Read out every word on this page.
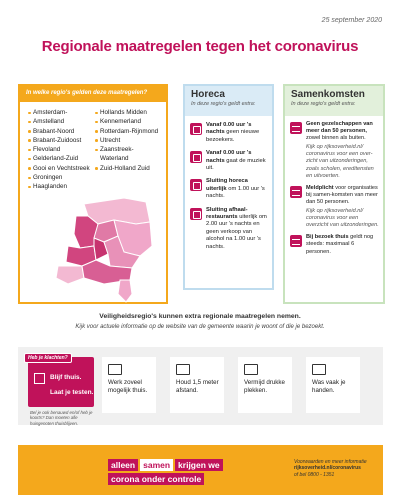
25 september 2020
Regionale maatregelen tegen het coronavirus
In welke regio's gelden deze maatregelen?
Amsterdam-
Amstelland
Brabant-Noord
Brabant-Zuidoost
Flevoland
Gelderland-Zuid
Gooi en Vechtstreek
Groningen
Haaglanden
Hollands Midden
Kennemerland
Rotterdam-Rijnmond
Utrecht
Zaanstreek-Waterland
Zuid-Holland Zuid
Horeca
In deze regio's geldt extra:
Vanaf 0.00 uur 's nachts geen nieuwe bezoekers.
Vanaf 0.00 uur 's nachts gaat de muziek uit.
Sluiting horeca uiterlijk om 1.00 uur 's nachts.
Sluiting afhaal-restaurants uiterlijk om 2.00 uur 's nachts en geen verkoop van alcohol na 1.00 uur 's nachts.
Samenkomsten
In deze regio's geldt extra:
Geen gezelschappen van meer dan 50 personen, zowel binnen als buiten.
Kijk op rijksoverheid.nl/ coronavirus voor een over-zicht van uitzonderingen, zoals scholen, ereditensten en uitvoerten.
Meldplicht voor organisaties bij samen-komsten van meer dan 50 personen.
Kijk op rijksoverheid.nl/ coronavirus voor een overzicht van uitzonderingen.
Bij bezoek thuis geldt nog steeds: maximaal 6 personen.
Veiligheidsregio's kunnen extra regionale maatregelen nemen.
Kijk voor actuele informatie op de website van de gemeente waarin je woont of die je bezoekt.
Heb je klachten?
Blijf thuis.
Laat je testen.
Bel je ook benauwd en/of heb je koorts? Dan moeten alle huisgenoten thuisblijven.
Werk zoveel mogelijk thuis.
Houd 1,5 meter afstand.
Vermijd drukke plekken.
Was vaak je handen.
alleen samen krijgen we
corona onder controle
Voorwaarden en meer informatie
rijksoverheid.nl/coronavirus
of bel 0800 - 1351
